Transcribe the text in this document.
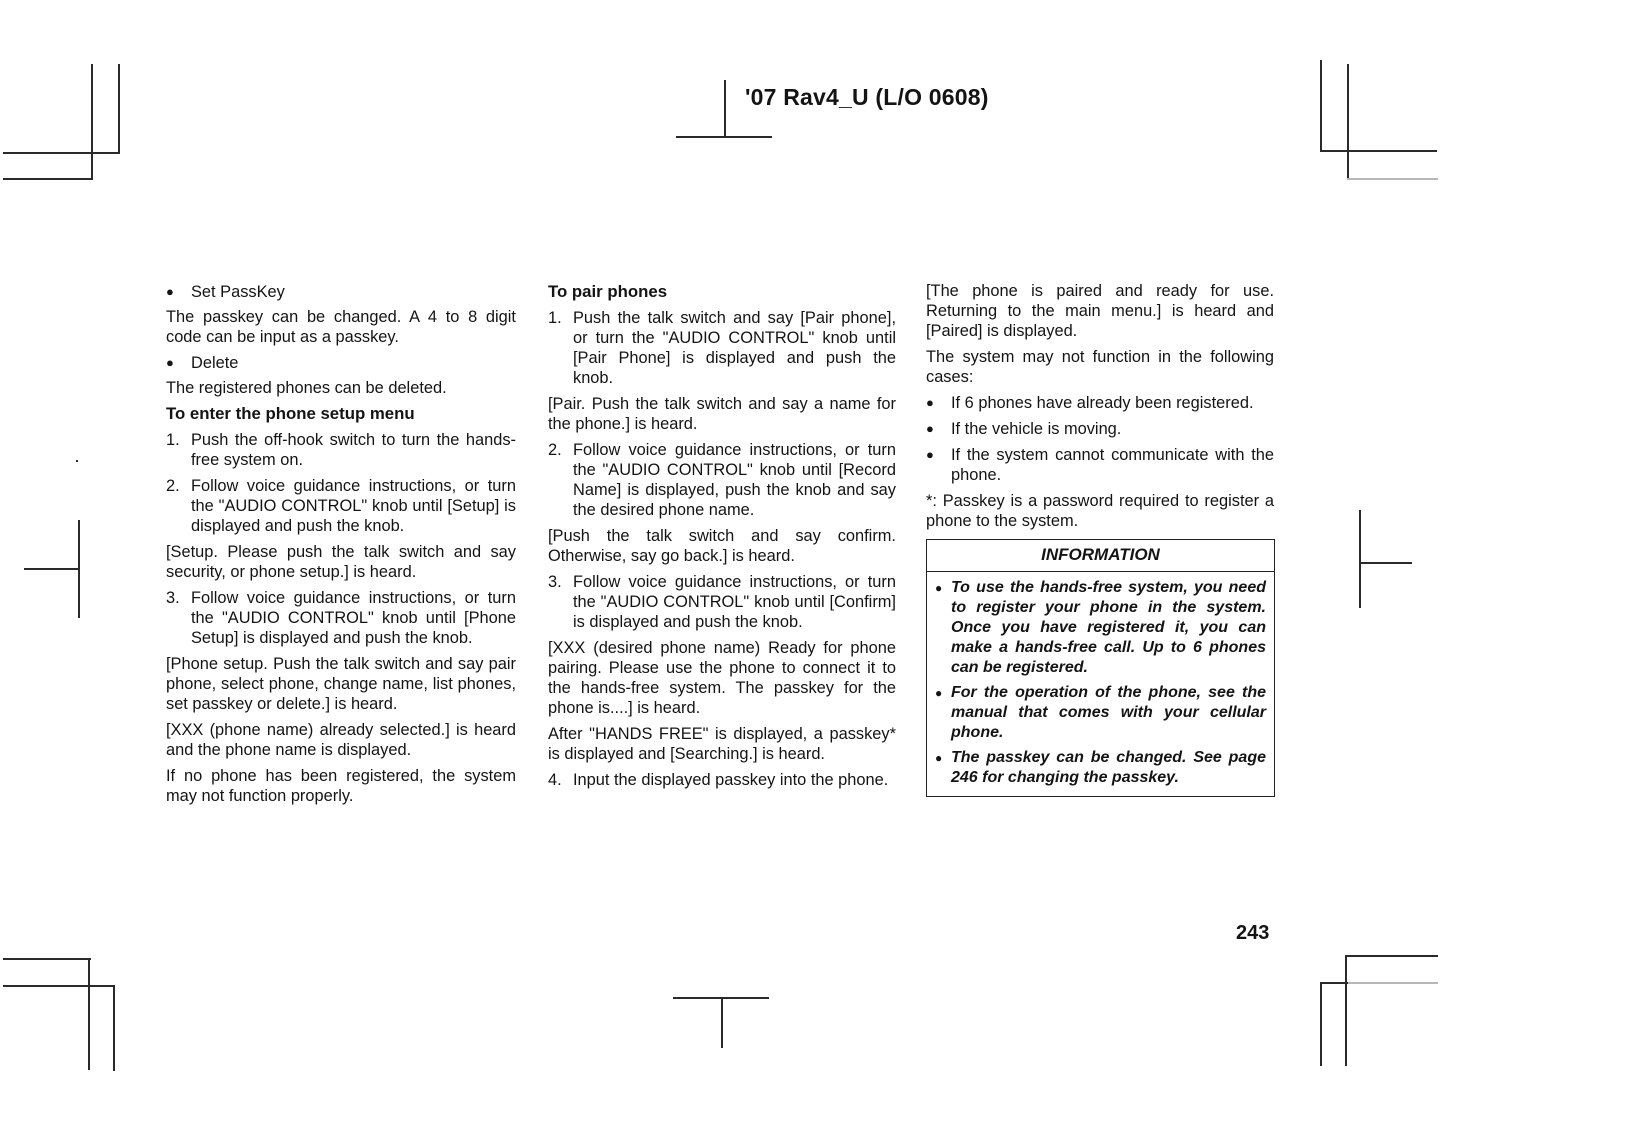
'07 Rav4_U (L/O 0608)
● Set PassKey

The passkey can be changed. A 4 to 8 digit code can be input as a passkey.

● Delete

The registered phones can be deleted.

To enter the phone setup menu
1. Push the off-hook switch to turn the hands-free system on.
2. Follow voice guidance instructions, or turn the "AUDIO CONTROL" knob until [Setup] is displayed and push the knob.

[Setup. Please push the talk switch and say security, or phone setup.] is heard.

3. Follow voice guidance instructions, or turn the "AUDIO CONTROL" knob until [Phone Setup] is displayed and push the knob.

[Phone setup. Push the talk switch and say pair phone, select phone, change name, list phones, set passkey or delete.] is heard.

[XXX (phone name) already selected.] is heard and the phone name is displayed.

If no phone has been registered, the system may not function properly.

To pair phones
1. Push the talk switch and say [Pair phone], or turn the "AUDIO CONTROL" knob until [Pair Phone] is displayed and push the knob.

[Pair. Push the talk switch and say a name for the phone.] is heard.

2. Follow voice guidance instructions, or turn the "AUDIO CONTROL" knob until [Record Name] is displayed, push the knob and say the desired phone name.

[Push the talk switch and say confirm. Otherwise, say go back.] is heard.

3. Follow voice guidance instructions, or turn the "AUDIO CONTROL" knob until [Confirm] is displayed and push the knob.

[XXX (desired phone name) Ready for phone pairing. Please use the phone to connect it to the hands-free system. The passkey for the phone is....] is heard.

After "HANDS FREE" is displayed, a passkey* is displayed and [Searching.] is heard.

4. Input the displayed passkey into the phone.

[The phone is paired and ready for use. Returning to the main menu.] is heard and [Paired] is displayed.

The system may not function in the following cases:

● If 6 phones have already been registered.
● If the vehicle is moving.
● If the system cannot communicate with the phone.

*: Passkey is a password required to register a phone to the system.

INFORMATION
● To use the hands-free system, you need to register your phone in the system. Once you have registered it, you can make a hands-free call. Up to 6 phones can be registered.
● For the operation of the phone, see the manual that comes with your cellular phone.
● The passkey can be changed. See page 246 for changing the passkey.
243
